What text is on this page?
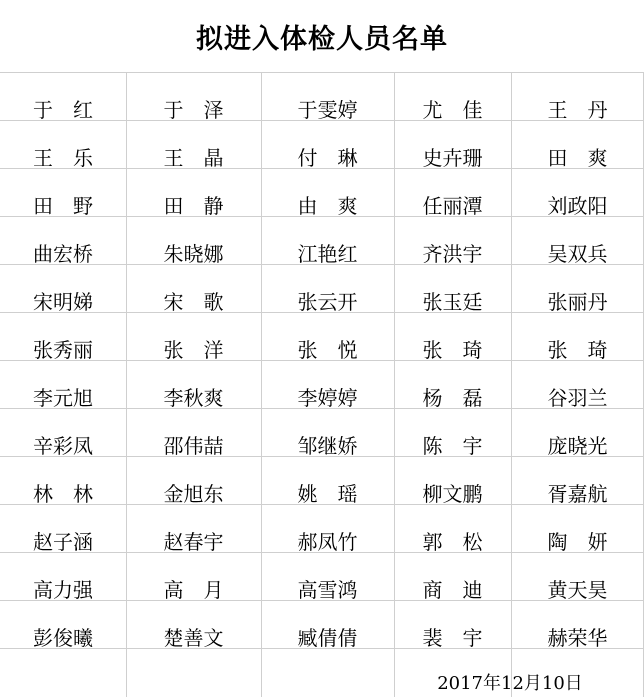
拟进入体检人员名单
于　红	于　泽	于雯婷	尤　佳	王　丹
王　乐	王　晶	付　琳	史卉珊	田　爽
田　野	田　静	由　爽	任丽潭	刘政阳
曲宏桥	朱晓娜	江艳红	齐洪宇	吴双兵
宋明娣	宋　歌	张云开	张玉廷	张丽丹
张秀丽	张　洋	张　悦	张　琦	张　琦
李元旭	李秋爽	李婷婷	杨　磊	谷羽兰
辛彩凤	邵伟喆	邹继娇	陈　宇	庞晓光
林　林	金旭东	姚　瑶	柳文鹏	胥嘉航
赵子涵	赵春宇	郝凤竹	郭　松	陶　妍
高力强	高　月	高雪鸿	商　迪	黄天昊
彭俊曦	楚善文	臧倩倩	裴　宇	赫荣华
2017年12月10日
